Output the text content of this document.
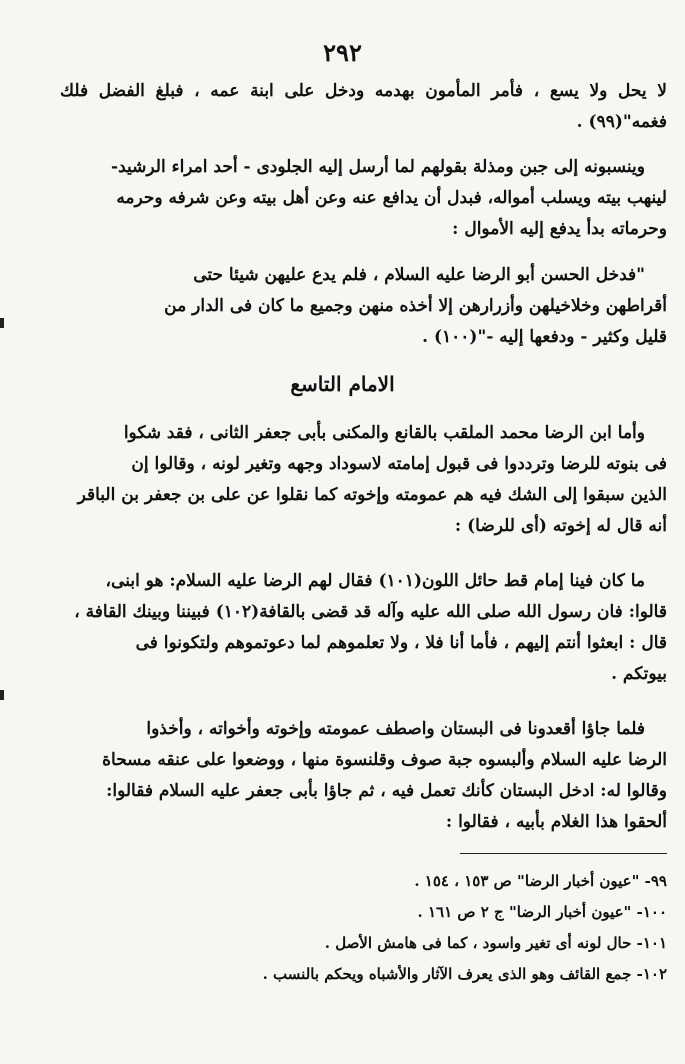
٢٩٢
لا يحل ولا يسع ، فأمر المأمون بهدمه ودخل على ابنة عمه ، فبلغ الفضل فلك
فغمه"(٩٩) .
وينسبونه إلى جبن ومذلة بقولهم لما أرسل إليه الجلودى - أحد امراء الرشيد-
لينهب بيته ويسلب أمواله، فبدل أن يدافع عنه وعن أهل بيته وعن شرفه وحرمه
وحرماته بدأ يدفع إليه الأموال :
"فدخل الحسن أبو الرضا عليه السلام ، فلم يدع عليهن شيئا حتى
أقراطهن وخلاخيلهن وأزرارهن إلا أخذه منهن وجميع ما كان فى الدار من
قليل وكثير - ودفعها إليه -"(١٠٠) .
الامام التاسع
وأما ابن الرضا محمد الملقب بالقانع والمكنى بأبى جعفر الثانى ، فقد شكوا
فى بنوته للرضا وترددوا فى قبول إمامته لاسوداد وجهه وتغير لونه ، وقالوا إن
الذين سبقوا إلى الشك فيه هم عمومته وإخوته كما نقلوا عن على بن جعفر بن الباقر
أنه قال له إخوته (أى للرضا) :
ما كان فينا إمام قط حائل اللون(١٠١) فقال لهم الرضا عليه السلام: هو ابنى،
قالوا: فان رسول الله صلى الله عليه وآله قد قضى بالقافة(١٠٢) فبيننا وبينك القافة ،
قال : ابعثوا أنتم إليهم ، فأما أنا فلا ، ولا تعلموهم لما دعوتموهم ولتكونوا فى
بيوتكم .
فلما جاؤا أقعدونا فى البستان واصطف عمومته وإخوته وأخواته ، وأخذوا
الرضا عليه السلام وألبسوه جبة صوف وقلنسوة منها ، ووضعوا على عنقه مسحاة
وقالوا له: ادخل البستان كأنك تعمل فيه ، ثم جاؤا بأبى جعفر عليه السلام فقالوا:
ألحقوا هذا الغلام بأبيه ، فقالوا :
٩٩- "عيون أخبار الرضا" ص ١٥٣ ، ١٥٤ .
١٠٠- "عيون أخبار الرضا" ج ٢ ص ١٦١ .
١٠١- حال لونه أى تغير واسود ، كما فى هامش الأصل .
١٠٢- جمع القائف وهو الذى يعرف الآثار والأشباه ويحكم بالنسب .
